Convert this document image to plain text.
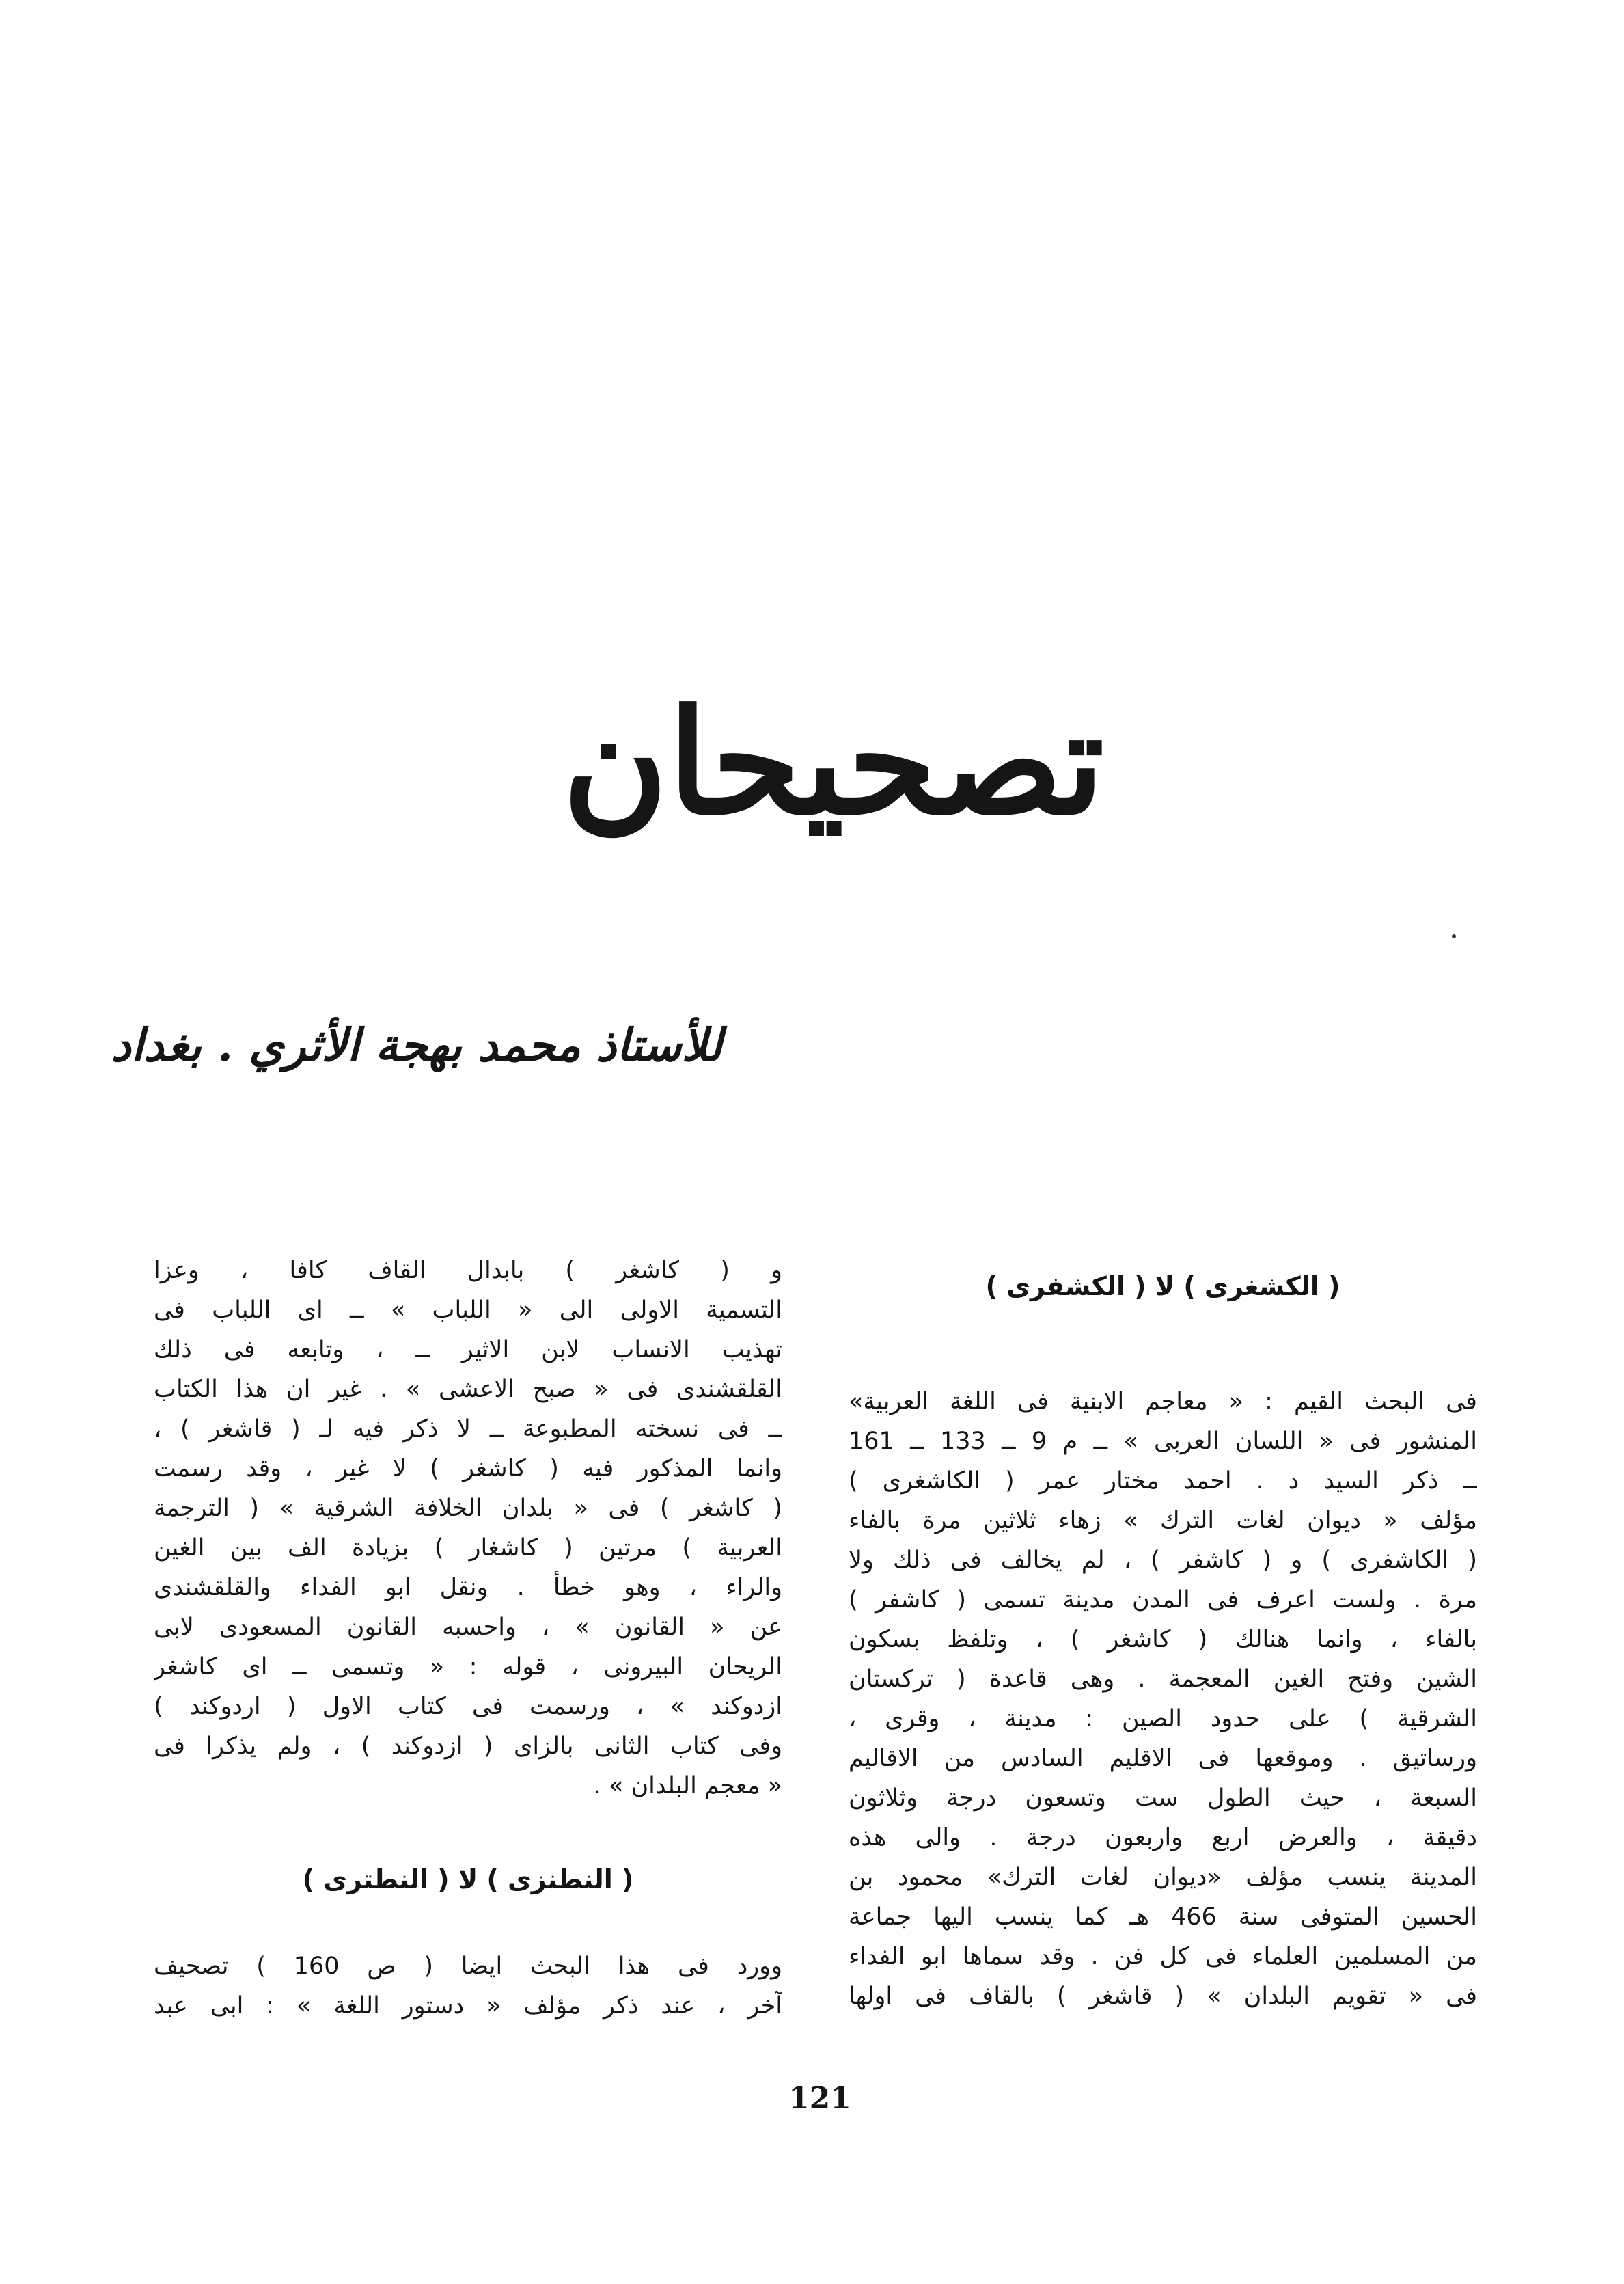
تصحيحان
للأستاذ محمد بهجة الأثري . بغداد

( الكشغرى ) لا ( الكشفرى )

فى البحث القيم : « معاجم الابنية فى اللغة العربية»
المنشور فى « اللسان العربى » ــ م 9 ــ 133 ــ 161
ــ ذكر السيد د . احمد مختار عمر ( الكاشغرى )
مؤلف « ديوان لغات الترك » زهاء ثلاثين مرة بالفاء
( الكاشفرى ) و ( كاشفر ) ، لم يخالف فى ذلك ولا
مرة . ولست اعرف فى المدن مدينة تسمى ( كاشفر )
بالفاء ، وانما هنالك ( كاشغر ) ، وتلفظ بسكون
الشين وفتح الغين المعجمة . وهى قاعدة ( تركستان
الشرقية ) على حدود الصين : مدينة ، وقرى ،
ورساتيق . وموقعها فى الاقليم السادس من الاقاليم
السبعة ، حيث الطول ست وتسعون درجة وثلاثون
دقيقة ، والعرض اربع واربعون درجة . والى هذه
المدينة ينسب مؤلف «ديوان لغات الترك» محمود بن
الحسين المتوفى سنة 466 هـ كما ينسب اليها جماعة
من المسلمين العلماء فى كل فن . وقد سماها ابو الفداء
فى « تقويم البلدان » ( قاشغر ) بالقاف فى اولها
و ( كاشغر ) بابدال القاف كافا ، وعزا
التسمية الاولى الى « اللباب » ــ اى اللباب فى
تهذيب الانساب لابن الاثير ــ ، وتابعه فى ذلك
القلقشندى فى « صبح الاعشى » . غير ان هذا الكتاب
ــ فى نسخته المطبوعة ــ لا ذكر فيه لـ ( قاشغر ) ،
وانما المذكور فيه ( كاشغر ) لا غير ، وقد رسمت
( كاشغر ) فى « بلدان الخلافة الشرقية » ( الترجمة
العربية ) مرتين ( كاشغار ) بزيادة الف بين الغين
والراء ، وهو خطأ . ونقل ابو الفداء والقلقشندى
عن « القانون » ، واحسبه القانون المسعودى لابى
الريحان البيرونى ، قوله : « وتسمى ــ اى كاشغر
ازدوكند » ، ورسمت فى كتاب الاول ( اردوكند )
وفى كتاب الثانى بالزاى ( ازدوكند ) ، ولم يذكرا فى
« معجم البلدان » .

( النطنزى ) لا ( النطترى )

وورد فى هذا البحث ايضا ( ص 160 ) تصحيف
آخر ، عند ذكر مؤلف « دستور اللغة » : ابى عبد
121
